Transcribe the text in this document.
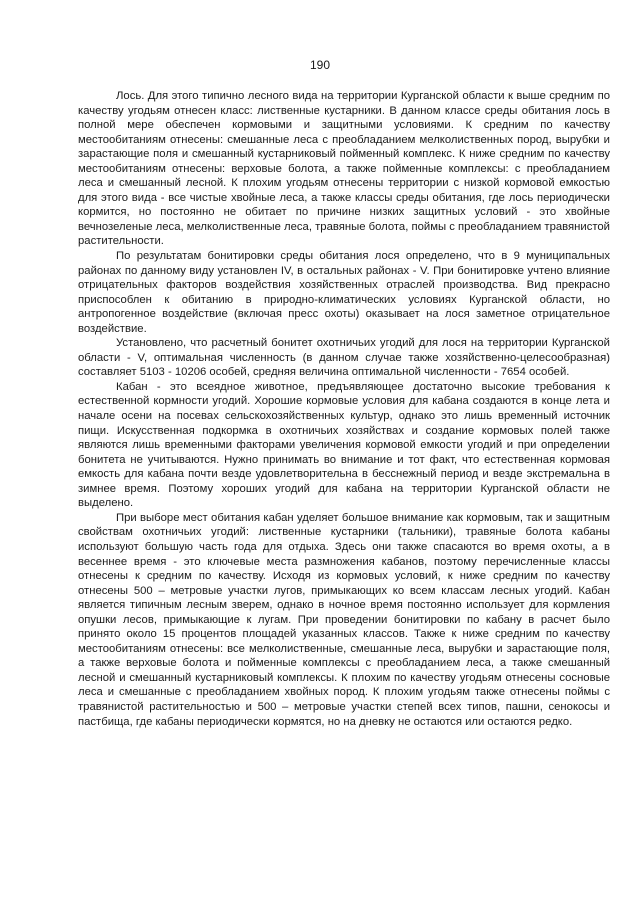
190

Лось. Для этого типично лесного вида на территории Курганской области к выше средним по качеству угодьям отнесен класс: лиственные кустарники. В данном классе среды обитания лось в полной мере обеспечен кормовыми и защитными условиями. К средним по качеству местообитаниям отнесены: смешанные леса с преобладанием мелколиственных пород, вырубки и зарастающие поля и смешанный кустарниковый пойменный комплекс. К ниже средним по качеству местообитаниям отнесены: верховые болота, а также пойменные комплексы: с преобладанием леса и смешанный лесной. К плохим угодьям отнесены территории с низкой кормовой емкостью для этого вида - все чистые хвойные леса, а также классы среды обитания, где лось периодически кормится, но постоянно не обитает по причине низких защитных условий - это хвойные вечнозеленые леса, мелколиственные леса, травяные болота, поймы с преобладанием травянистой растительности.

По результатам бонитировки среды обитания лося определено, что в 9 муниципальных районах по данному виду установлен IV, в остальных районах - V. При бонитировке учтено влияние отрицательных факторов воздействия хозяйственных отраслей производства. Вид прекрасно приспособлен к обитанию в природно-климатических условиях Курганской области, но антропогенное воздействие (включая пресс охоты) оказывает на лося заметное отрицательное воздействие.

Установлено, что расчетный бонитет охотничьих угодий для лося на территории Курганской области - V, оптимальная численность (в данном случае также хозяйственно-целесообразная) составляет 5103 - 10206 особей, средняя величина оптимальной численности - 7654 особей.

Кабан - это всеядное животное, предъявляющее достаточно высокие требования к естественной кормности угодий. Хорошие кормовые условия для кабана создаются в конце лета и начале осени на посевах сельскохозяйственных культур, однако это лишь временный источник пищи. Искусственная подкормка в охотничьих хозяйствах и создание кормовых полей также являются лишь временными факторами увеличения кормовой емкости угодий и при определении бонитета не учитываются. Нужно принимать во внимание и тот факт, что естественная кормовая емкость для кабана почти везде удовлетворительна в бесснежный период и везде экстремальна в зимнее время. Поэтому хороших угодий для кабана на территории Курганской области не выделено.

При выборе мест обитания кабан уделяет большое внимание как кормовым, так и защитным свойствам охотничьих угодий: лиственные кустарники (тальники), травяные болота кабаны используют большую часть года для отдыха. Здесь они также спасаются во время охоты, а в весеннее время - это ключевые места размножения кабанов, поэтому перечисленные классы отнесены к средним по качеству. Исходя из кормовых условий, к ниже средним по качеству отнесены 500 – метровые участки лугов, примыкающих ко всем классам лесных угодий. Кабан является типичным лесным зверем, однако в ночное время постоянно использует для кормления опушки лесов, примыкающие к лугам. При проведении бонитировки по кабану в расчет было принято около 15 процентов площадей указанных классов. Также к ниже средним по качеству местообитаниям отнесены: все мелколиственные, смешанные леса, вырубки и зарастающие поля, а также верховые болота и пойменные комплексы с преобладанием леса, а также смешанный лесной и смешанный кустарниковый комплексы. К плохим по качеству угодьям отнесены сосновые леса и смешанные с преобладанием хвойных пород. К плохим угодьям также отнесены поймы с травянистой растительностью и 500 – метровые участки степей всех типов, пашни, сенокосы и пастбища, где кабаны периодически кормятся, но на дневку не остаются или остаются редко.
